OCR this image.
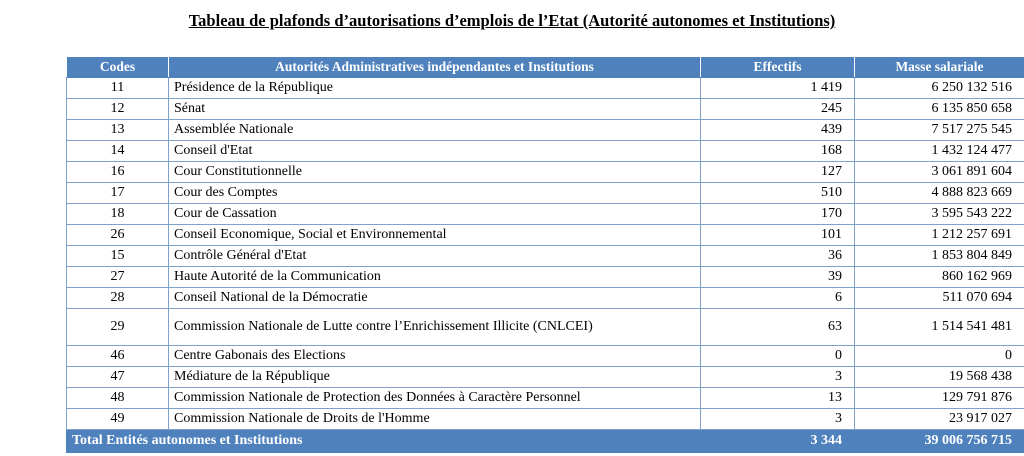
Tableau de plafonds d’autorisations d’emplois de l’Etat (Autorité autonomes et Institutions)
Codes	Autorités Administratives indépendantes et Institutions	Effectifs	Masse salariale
11	Présidence de la République	1 419	6 250 132 516
12	Sénat	245	6 135 850 658
13	Assemblée Nationale	439	7 517 275 545
14	Conseil d'Etat	168	1 432 124 477
16	Cour Constitutionnelle	127	3 061 891 604
17	Cour des Comptes	510	4 888 823 669
18	Cour de Cassation	170	3 595 543 222
26	Conseil Economique, Social et Environnemental	101	1 212 257 691
15	Contrôle Général d'Etat	36	1 853 804 849
27	Haute Autorité de la Communication	39	860 162 969
28	Conseil National de la Démocratie	6	511 070 694
29	Commission Nationale de Lutte contre l’Enrichissement Illicite (CNLCEI)	63	1 514 541 481
46	Centre Gabonais des Elections	0	0
47	Médiature de la République	3	19 568 438
48	Commission Nationale de Protection des Données à Caractère Personnel	13	129 791 876
49	Commission Nationale de Droits de l'Homme	3	23 917 027
Total Entités autonomes et Institutions		3 344	39 006 756 715
